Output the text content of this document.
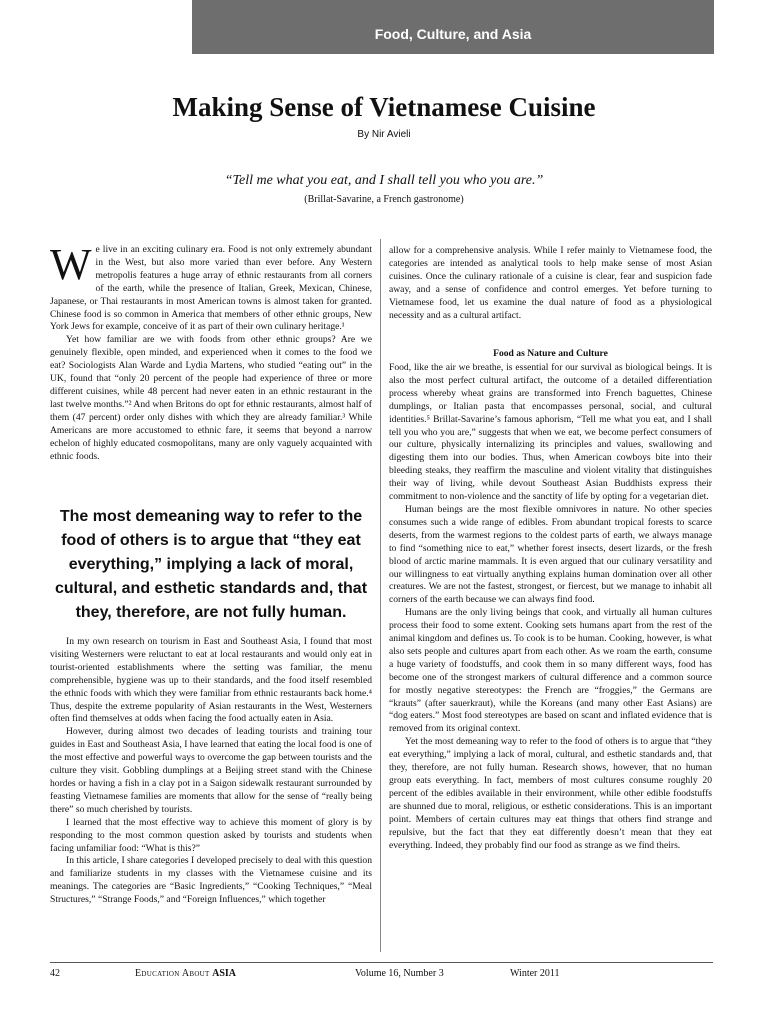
Food, Culture, and Asia
Making Sense of Vietnamese Cuisine
By Nir Avieli
“Tell me what you eat, and I shall tell you who you are.”
(Brillat-Savarine, a French gastronome)

We live in an exciting culinary era. Food is not only extremely abundant in the West, but also more varied than ever before. Any Western metropolis features a huge array of ethnic restaurants from all corners of the earth, while the presence of Italian, Greek, Mexican, Chinese, Japanese, or Thai restaurants in most American towns is almost taken for granted. Chinese food is so common in America that members of other ethnic groups, New York Jews for example, conceive of it as part of their own culinary heritage.¹

Yet how familiar are we with foods from other ethnic groups? Are we genuinely flexible, open minded, and experienced when it comes to the food we eat? Sociologists Alan Warde and Lydia Martens, who studied “eating out” in the UK, found that “only 20 percent of the people had experience of three or more different cuisines, while 48 percent had never eaten in an ethnic restaurant in the last twelve months.”² And when Britons do opt for ethnic restaurants, almost half of them (47 percent) order only dishes with which they are already familiar.³ While Americans are more accustomed to ethnic fare, it seems that beyond a narrow echelon of highly educated cosmopolitans, many are only vaguely acquainted with ethnic foods.

The most demeaning way to refer to the food of others is to argue that “they eat everything,” implying a lack of moral, cultural, and esthetic standards and, that they, therefore, are not fully human.

In my own research on tourism in East and Southeast Asia, I found that most visiting Westerners were reluctant to eat at local restaurants and would only eat in tourist-oriented establishments where the setting was familiar, the menu comprehensible, hygiene was up to their standards, and the food itself resembled the ethnic foods with which they were familiar from ethnic restaurants back home.⁴ Thus, despite the extreme popularity of Asian restaurants in the West, Westerners often find themselves at odds when facing the food actually eaten in Asia.

However, during almost two decades of leading tourists and training tour guides in East and Southeast Asia, I have learned that eating the local food is one of the most effective and powerful ways to overcome the gap between tourists and the culture they visit. Gobbling dumplings at a Beijing street stand with the Chinese hordes or having a fish in a clay pot in a Saigon sidewalk restaurant surrounded by feasting Vietnamese families are moments that allow for the sense of “really being there” so much cherished by tourists.

I learned that the most effective way to achieve this moment of glory is by responding to the most common question asked by tourists and students when facing unfamiliar food: “What is this?”

In this article, I share categories I developed precisely to deal with this question and familiarize students in my classes with the Vietnamese cuisine and its meanings. The categories are “Basic Ingredients,” “Cooking Techniques,” “Meal Structures,” “Strange Foods,” and “Foreign Influences,” which together

allow for a comprehensive analysis. While I refer mainly to Vietnamese food, the categories are intended as analytical tools to help make sense of most Asian cuisines. Once the culinary rationale of a cuisine is clear, fear and suspicion fade away, and a sense of confidence and control emerges. Yet before turning to Vietnamese food, let us examine the dual nature of food as a physiological necessity and as a cultural artifact.

Food as Nature and Culture

Food, like the air we breathe, is essential for our survival as biological beings. It is also the most perfect cultural artifact, the outcome of a detailed differentiation process whereby wheat grains are transformed into French baguettes, Chinese dumplings, or Italian pasta that encompasses personal, social, and cultural identities.⁵ Brillat-Savarine’s famous aphorism, “Tell me what you eat, and I shall tell you who you are,” suggests that when we eat, we become perfect consumers of our culture, physically internalizing its principles and values, swallowing and digesting them into our bodies. Thus, when American cowboys bite into their bleeding steaks, they reaffirm the masculine and violent vitality that distinguishes their way of living, while devout Southeast Asian Buddhists express their commitment to non-violence and the sanctity of life by opting for a vegetarian diet.

Human beings are the most flexible omnivores in nature. No other species consumes such a wide range of edibles. From abundant tropical forests to scarce deserts, from the warmest regions to the coldest parts of earth, we always manage to find “something nice to eat,” whether forest insects, desert lizards, or the fresh blood of arctic marine mammals. It is even argued that our culinary versatility and our willingness to eat virtually anything explains human domination over all other creatures. We are not the fastest, strongest, or fiercest, but we manage to inhabit all corners of the earth because we can always find food.

Humans are the only living beings that cook, and virtually all human cultures process their food to some extent. Cooking sets humans apart from the rest of the animal kingdom and defines us. To cook is to be human. Cooking, however, is what also sets people and cultures apart from each other. As we roam the earth, consume a huge variety of foodstuffs, and cook them in so many different ways, food has become one of the strongest markers of cultural difference and a common source for mostly negative stereotypes: the French are “froggies,” the Germans are “krauts” (after sauerkraut), while the Koreans (and many other East Asians) are “dog eaters.” Most food stereotypes are based on scant and inflated evidence that is removed from its original context.

Yet the most demeaning way to refer to the food of others is to argue that “they eat everything,” implying a lack of moral, cultural, and esthetic standards and, that they, therefore, are not fully human. Research shows, however, that no human group eats everything. In fact, members of most cultures consume roughly 20 percent of the edibles available in their environment, while other edible foodstuffs are shunned due to moral, religious, or esthetic considerations. This is an important point. Members of certain cultures may eat things that others find strange and repulsive, but the fact that they eat differently doesn’t mean that they eat everything. Indeed, they probably find our food as strange as we find theirs.

42	Education About ASIA	Volume 16, Number 3	Winter 2011
